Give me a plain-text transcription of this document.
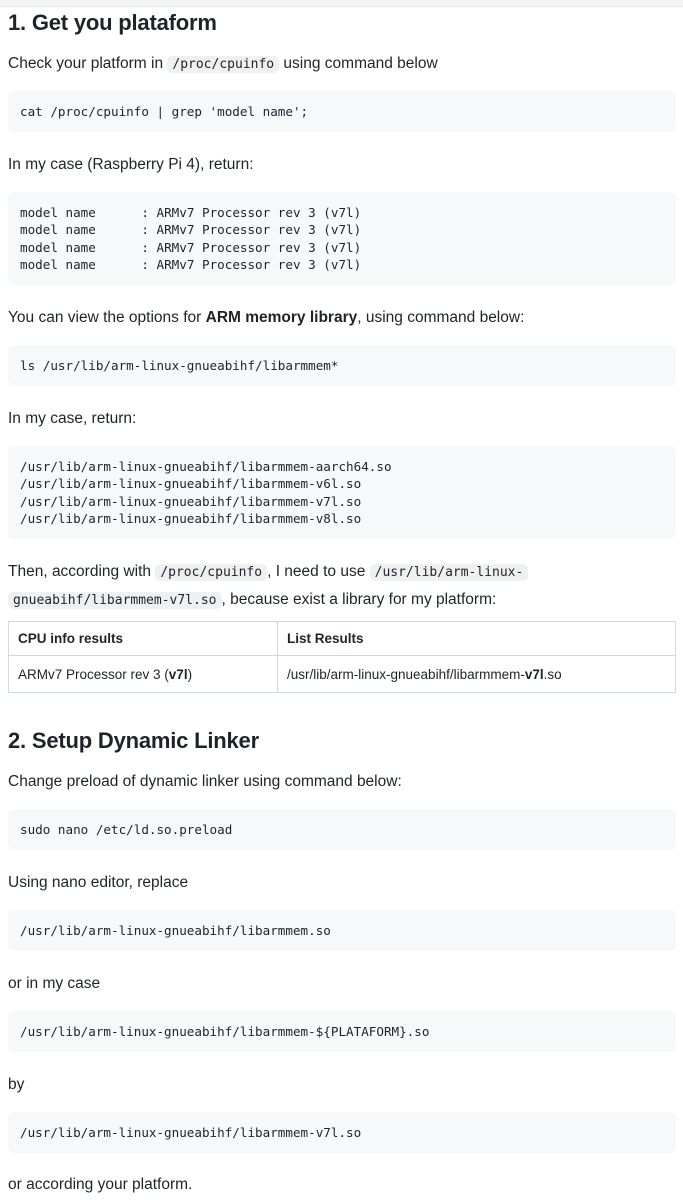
1. Get you plataform

Check your platform in /proc/cpuinfo using command below

cat /proc/cpuinfo | grep 'model name';

In my case (Raspberry Pi 4), return:

model name	: ARMv7 Processor rev 3 (v7l)
model name	: ARMv7 Processor rev 3 (v7l)
model name	: ARMv7 Processor rev 3 (v7l)
model name	: ARMv7 Processor rev 3 (v7l)

You can view the options for ARM memory library, using command below:

ls /usr/lib/arm-linux-gnueabihf/libarmmem*

In my case, return:

/usr/lib/arm-linux-gnueabihf/libarmmem-aarch64.so
/usr/lib/arm-linux-gnueabihf/libarmmem-v6l.so
/usr/lib/arm-linux-gnueabihf/libarmmem-v7l.so
/usr/lib/arm-linux-gnueabihf/libarmmem-v8l.so

Then, according with /proc/cpuinfo , I need to use /usr/lib/arm-linux-
gnueabihf/libarmmem-v7l.so , because exist a library for my platform:

CPU info results	List Results
ARMv7 Processor rev 3 (v7l)	/usr/lib/arm-linux-gnueabihf/libarmmem-v7l.so
2. Setup Dynamic Linker

Change preload of dynamic linker using command below:

sudo nano /etc/ld.so.preload

Using nano editor, replace

/usr/lib/arm-linux-gnueabihf/libarmmem.so

or in my case

/usr/lib/arm-linux-gnueabihf/libarmmem-${PLATAFORM}.so

by

/usr/lib/arm-linux-gnueabihf/libarmmem-v7l.so

or according your platform.
